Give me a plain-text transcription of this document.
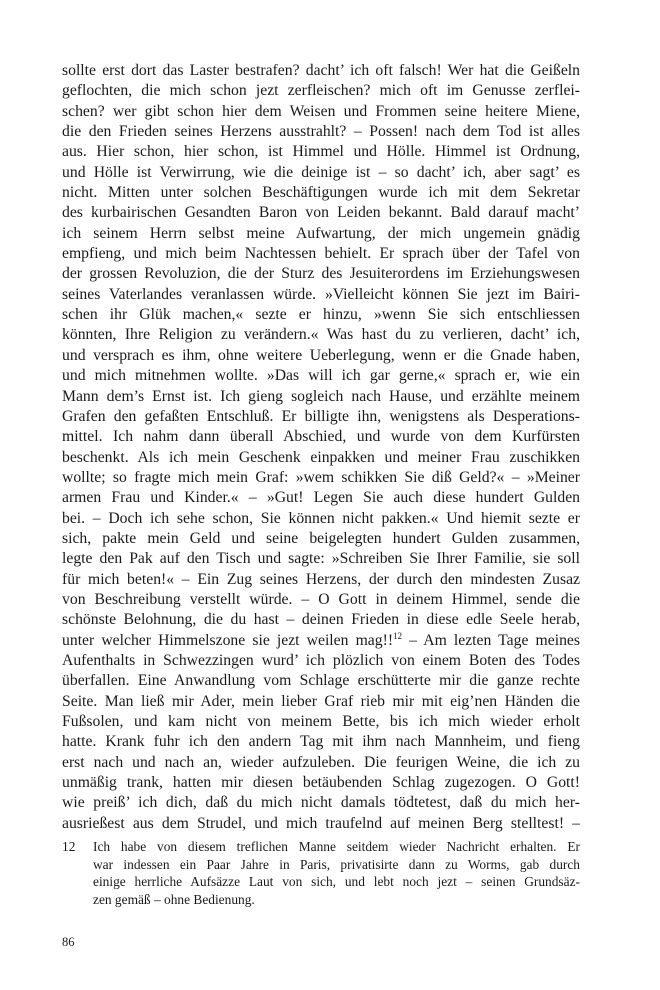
sollte erst dort das Laster bestrafen? dacht’ ich oft falsch! Wer hat die Geißeln
geflochten, die mich schon jezt zerfleischen? mich oft im Genusse zerflei-
schen? wer gibt schon hier dem Weisen und Frommen seine heitere Miene,
die den Frieden seines Herzens ausstrahlt? – Possen! nach dem Tod ist alles
aus. Hier schon, hier schon, ist Himmel und Hölle. Himmel ist Ordnung,
und Hölle ist Verwirrung, wie die deinige ist – so dacht’ ich, aber sagt’ es
nicht. Mitten unter solchen Beschäftigungen wurde ich mit dem Sekretar
des kurbairischen Gesandten Baron von Leiden bekannt. Bald darauf macht’
ich seinem Herrn selbst meine Aufwartung, der mich ungemein gnädig
empfieng, und mich beim Nachtessen behielt. Er sprach über der Tafel von
der grossen Revoluzion, die der Sturz des Jesuiterordens im Erziehungswesen
seines Vaterlandes veranlassen würde. »Vielleicht können Sie jezt im Bairi-
schen ihr Glük machen,« sezte er hinzu, »wenn Sie sich entschliessen
könnten, Ihre Religion zu verändern.« Was hast du zu verlieren, dacht’ ich,
und versprach es ihm, ohne weitere Ueberlegung, wenn er die Gnade haben,
und mich mitnehmen wollte. »Das will ich gar gerne,« sprach er, wie ein
Mann dem’s Ernst ist. Ich gieng sogleich nach Hause, und erzählte meinem
Grafen den gefaßten Entschluß. Er billigte ihn, wenigstens als Desperations-
mittel. Ich nahm dann überall Abschied, und wurde von dem Kurfürsten
beschenkt. Als ich mein Geschenk einpakken und meiner Frau zuschikken
wollte; so fragte mich mein Graf: »wem schikken Sie diß Geld?« – »Meiner
armen Frau und Kinder.« – »Gut! Legen Sie auch diese hundert Gulden
bei. – Doch ich sehe schon, Sie können nicht pakken.« Und hiemit sezte er
sich, pakte mein Geld und seine beigelegten hundert Gulden zusammen,
legte den Pak auf den Tisch und sagte: »Schreiben Sie Ihrer Familie, sie soll
für mich beten!« – Ein Zug seines Herzens, der durch den mindesten Zusaz
von Beschreibung verstellt würde. – O Gott in deinem Himmel, sende die
schönste Belohnung, die du hast – deinen Frieden in diese edle Seele herab,
unter welcher Himmelszone sie jezt weilen mag!!$^{12}$ – Am lezten Tage meines
Aufenthalts in Schwezzingen wurd’ ich plözlich von einem Boten des Todes
überfallen. Eine Anwandlung vom Schlage erschütterte mir die ganze rechte
Seite. Man ließ mir Ader, mein lieber Graf rieb mir mit eig’nen Händen die
Fußsolen, und kam nicht von meinem Bette, bis ich mich wieder erholt
hatte. Krank fuhr ich den andern Tag mit ihm nach Mannheim, und fieng
erst nach und nach an, wieder aufzuleben. Die feurigen Weine, die ich zu
unmäßig trank, hatten mir diesen betäubenden Schlag zugezogen. O Gott!
wie preiß’ ich dich, daß du mich nicht damals tödtetest, daß du mich her-
ausrießest aus dem Strudel, und mich traufelnd auf meinen Berg stelltest! –
12	Ich habe von diesem treflichen Manne seitdem wieder Nachricht erhalten. Er
war indessen ein Paar Jahre in Paris, privatisirte dann zu Worms, gab durch
einige herrliche Aufsäzze Laut von sich, und lebt noch jezt – seinen Grundsäz-
zen gemäß – ohne Bedienung.
86
